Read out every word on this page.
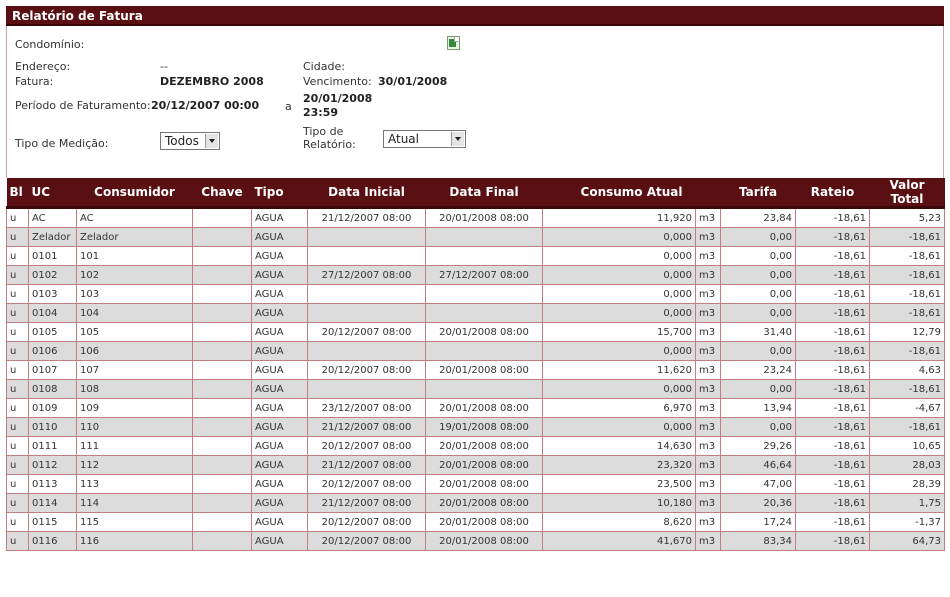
Relatório de Fatura
Condomínio:
Endereço:	--	Cidade:
Fatura:	DEZEMBRO 2008	Vencimento: 30/01/2008
Período de Faturamento: 20/12/2007 00:00 a
20/01/2008
23:59
Tipo de Medição:	Todos
Tipo de
Relatório:	Atual
Bl	UC	Consumidor	Chave	Tipo	Data Inicial	Data Final	Consumo Atual		Tarifa	Rateio	Valor Total
u	AC	AC		AGUA	21/12/2007 08:00	20/01/2008 08:00	11,920	m3	23,84	-18,61	5,23
u	Zelador	Zelador		AGUA			0,000	m3	0,00	-18,61	-18,61
u	0101	101		AGUA			0,000	m3	0,00	-18,61	-18,61
u	0102	102		AGUA	27/12/2007 08:00	27/12/2007 08:00	0,000	m3	0,00	-18,61	-18,61
u	0103	103		AGUA			0,000	m3	0,00	-18,61	-18,61
u	0104	104		AGUA			0,000	m3	0,00	-18,61	-18,61
u	0105	105		AGUA	20/12/2007 08:00	20/01/2008 08:00	15,700	m3	31,40	-18,61	12,79
u	0106	106		AGUA			0,000	m3	0,00	-18,61	-18,61
u	0107	107		AGUA	20/12/2007 08:00	20/01/2008 08:00	11,620	m3	23,24	-18,61	4,63
u	0108	108		AGUA			0,000	m3	0,00	-18,61	-18,61
u	0109	109		AGUA	23/12/2007 08:00	20/01/2008 08:00	6,970	m3	13,94	-18,61	-4,67
u	0110	110		AGUA	21/12/2007 08:00	19/01/2008 08:00	0,000	m3	0,00	-18,61	-18,61
u	0111	111		AGUA	20/12/2007 08:00	20/01/2008 08:00	14,630	m3	29,26	-18,61	10,65
u	0112	112		AGUA	21/12/2007 08:00	20/01/2008 08:00	23,320	m3	46,64	-18,61	28,03
u	0113	113		AGUA	20/12/2007 08:00	20/01/2008 08:00	23,500	m3	47,00	-18,61	28,39
u	0114	114		AGUA	21/12/2007 08:00	20/01/2008 08:00	10,180	m3	20,36	-18,61	1,75
u	0115	115		AGUA	20/12/2007 08:00	20/01/2008 08:00	8,620	m3	17,24	-18,61	-1,37
u	0116	116		AGUA	20/12/2007 08:00	20/01/2008 08:00	41,670	m3	83,34	-18,61	64,73
